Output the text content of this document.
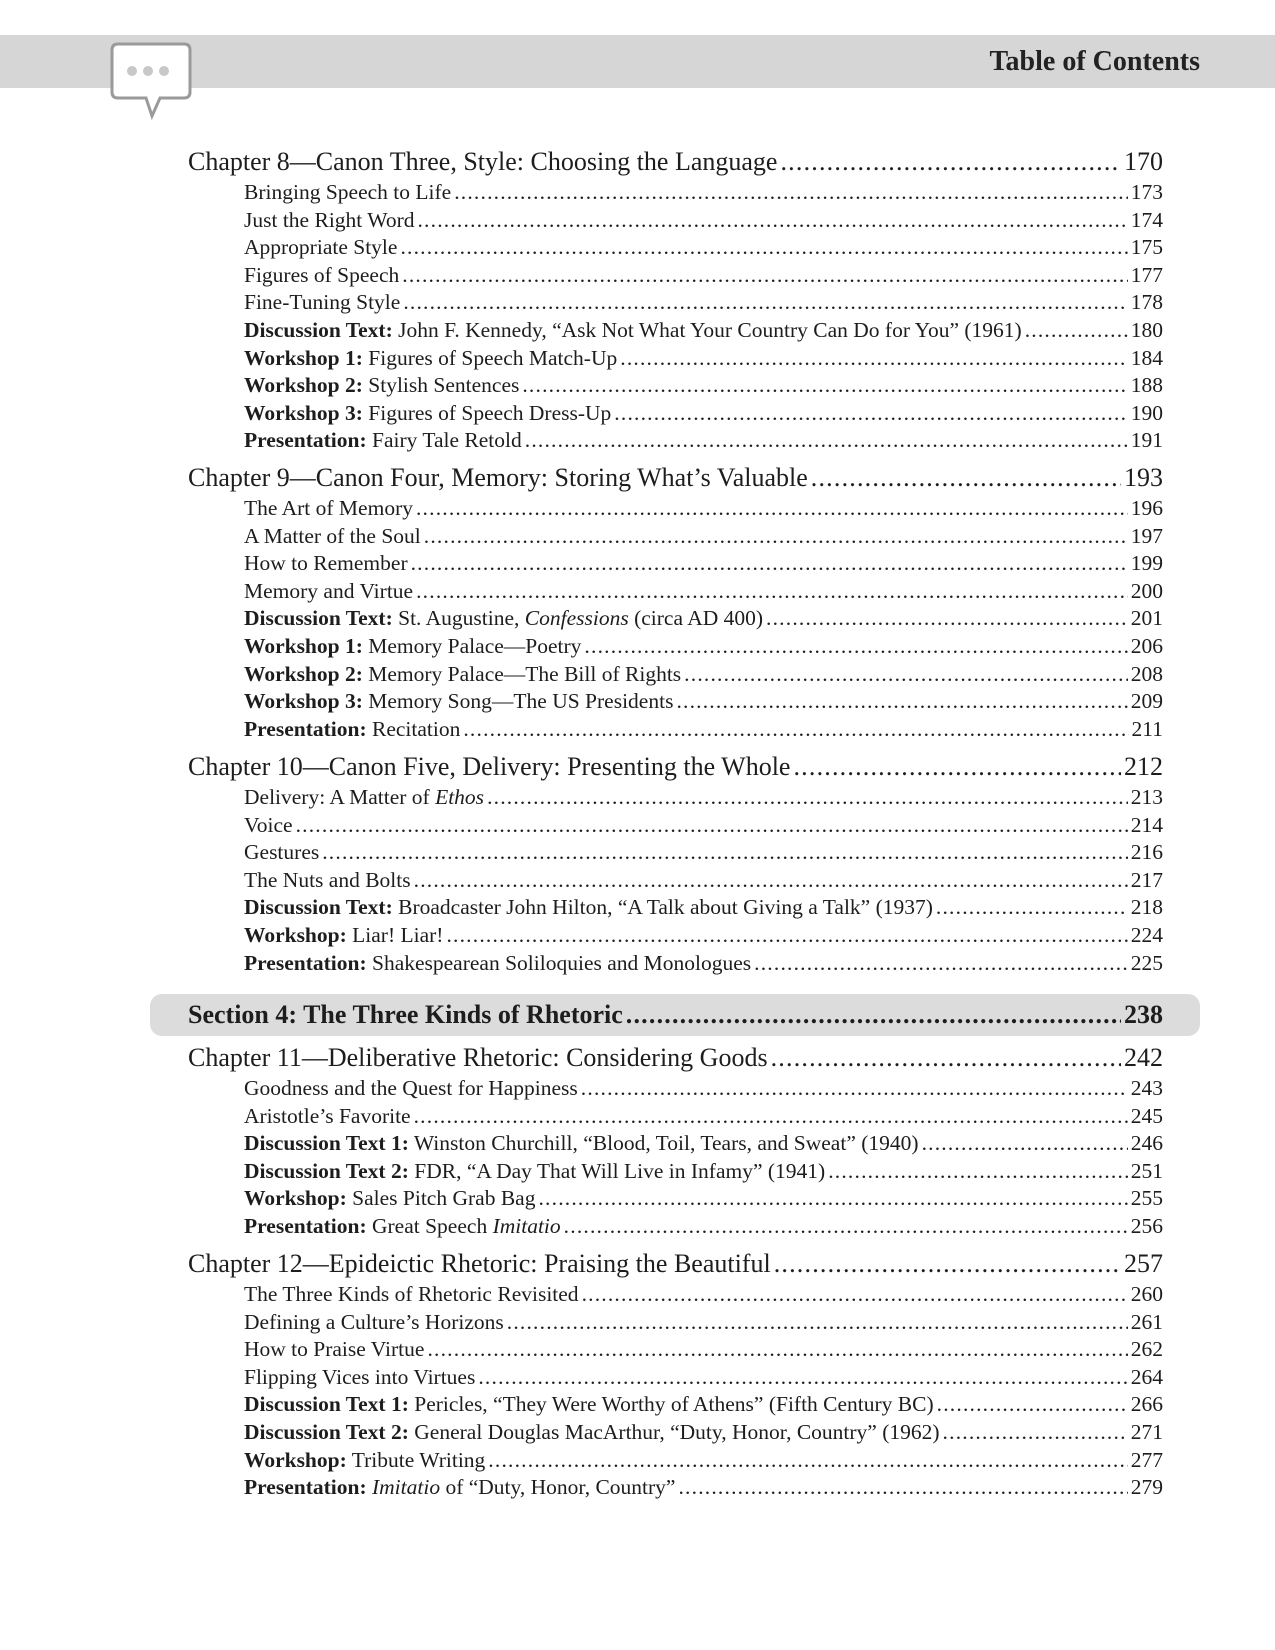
Table of Contents
Chapter 8—Canon Three, Style: Choosing the Language .....	170
Bringing Speech to Life .....	173
Just the Right Word .....	174
Appropriate Style .....	175
Figures of Speech .....	177
Fine-Tuning Style .....	178
Discussion Text: John F. Kennedy, “Ask Not What Your Country Can Do for You” (1961) .....	180
Workshop 1: Figures of Speech Match-Up .....	184
Workshop 2: Stylish Sentences .....	188
Workshop 3: Figures of Speech Dress-Up .....	190
Presentation: Fairy Tale Retold .....	191
Chapter 9—Canon Four, Memory: Storing What’s Valuable .....	193
The Art of Memory .....	196
A Matter of the Soul .....	197
How to Remember .....	199
Memory and Virtue .....	200
Discussion Text: St. Augustine, Confessions (circa AD 400) .....	201
Workshop 1: Memory Palace—Poetry .....	206
Workshop 2: Memory Palace—The Bill of Rights .....	208
Workshop 3: Memory Song—The US Presidents .....	209
Presentation: Recitation .....	211
Chapter 10—Canon Five, Delivery: Presenting the Whole .....	212
Delivery: A Matter of Ethos .....	213
Voice .....	214
Gestures .....	216
The Nuts and Bolts .....	217
Discussion Text: Broadcaster John Hilton, “A Talk about Giving a Talk” (1937) .....	218
Workshop: Liar! Liar! .....	224
Presentation: Shakespearean Soliloquies and Monologues .....	225
Section 4: The Three Kinds of Rhetoric .....	238
Chapter 11—Deliberative Rhetoric: Considering Goods .....	242
Goodness and the Quest for Happiness .....	243
Aristotle’s Favorite .....	245
Discussion Text 1: Winston Churchill, “Blood, Toil, Tears, and Sweat” (1940) .....	246
Discussion Text 2: FDR, “A Day That Will Live in Infamy” (1941) .....	251
Workshop: Sales Pitch Grab Bag .....	255
Presentation: Great Speech Imitatio .....	256
Chapter 12—Epideictic Rhetoric: Praising the Beautiful .....	257
The Three Kinds of Rhetoric Revisited .....	260
Defining a Culture’s Horizons .....	261
How to Praise Virtue .....	262
Flipping Vices into Virtues .....	264
Discussion Text 1: Pericles, “They Were Worthy of Athens” (Fifth Century BC) .....	266
Discussion Text 2: General Douglas MacArthur, “Duty, Honor, Country” (1962) .....	271
Workshop: Tribute Writing .....	277
Presentation: Imitatio of “Duty, Honor, Country” .....	279
